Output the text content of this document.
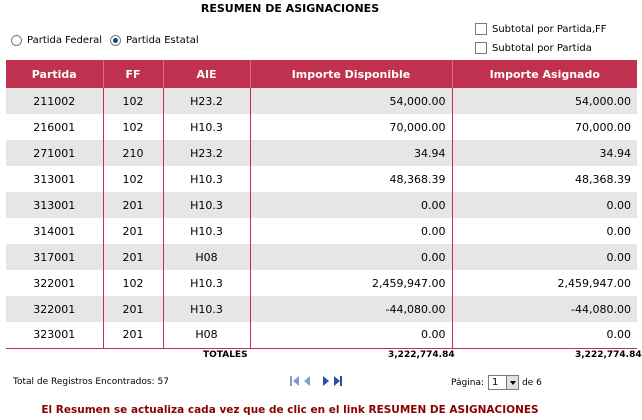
RESUMEN DE ASIGNACIONES
Partida Federal Partida Estatal
Subtotal por Partida,FF
Subtotal por Partida
Partida	FF	AIE	Importe Disponible	Importe Asignado
211002	102	H23.2	54,000.00	54,000.00
216001	102	H10.3	70,000.00	70,000.00
271001	210	H23.2	34.94	34.94
313001	102	H10.3	48,368.39	48,368.39
313001	201	H10.3	0.00	0.00
314001	201	H10.3	0.00	0.00
317001	201	H08	0.00	0.00
322001	102	H10.3	2,459,947.00	2,459,947.00
322001	201	H10.3	-44,080.00	-44,080.00
323001	201	H08	0.00	0.00
TOTALES	3,222,774.84	3,222,774.84
Total de Registros Encontrados: 57	Página: 1	de 6
El Resumen se actualiza cada vez que de clic en el link RESUMEN DE ASIGNACIONES
